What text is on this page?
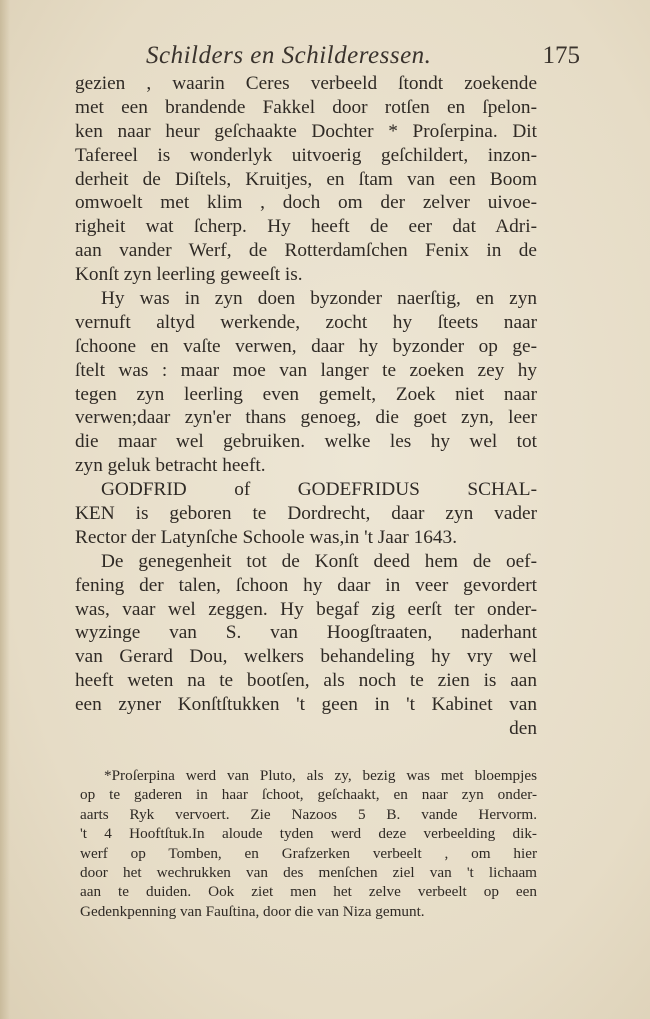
Schilders en Schilderessen.	175
gezien , waarin Ceres verbeeld ſtondt zoekende
met een brandende Fakkel door rotſen en ſpelon-
ken naar heur geſchaakte Dochter * Proſerpina. Dit
Tafereel is wonderlyk uitvoerig geſchildert, inzon-
derheit de Diſtels, Kruitjes, en ſtam van een Boom
omwoelt met klim , doch om der zelver uivoe-
righeit wat ſcherp. Hy heeft de eer dat Adri-
aan vander Werf, de Rotterdamſchen Fenix in de
Konſt zyn leerling geweeſt is.
Hy was in zyn doen byzonder naerſtig, en zyn
vernuft altyd werkende, zocht hy ſteets naar
ſchoone en vaſte verwen, daar hy byzonder op ge-
ſtelt was : maar moe van langer te zoeken zey hy
tegen zyn leerling even gemelt, Zoek niet naar
verwen;daar zyn'er thans genoeg, die goet zyn, leer
die maar wel gebruiken. welke les hy wel tot
zyn geluk betracht heeft.
GODFRID of GODEFRIDUS SCHAL-
KEN is geboren te Dordrecht, daar zyn vader
Rector der Latynſche Schoole was,in 't Jaar 1643.
De genegenheit tot de Konſt deed hem de oef-
fening der talen, ſchoon hy daar in veer gevordert
was, vaar wel zeggen. Hy begaf zig eerſt ter onder-
wyzinge van S. van Hoogſtraaten, naderhant
van Gerard Dou, welkers behandeling hy vry wel
heeft weten na te bootſen, als noch te zien is aan
een zyner Konſtſtukken 't geen in 't Kabinet van
den
*Proſerpina werd van Pluto, als zy, bezig was met bloempjes
op te gaderen in haar ſchoot, geſchaakt, en naar zyn onder-
aarts Ryk vervoert. Zie Nazoos 5 B. vande Hervorm.
't 4 Hooftſtuk.In aloude tyden werd deze verbeelding dik-
werf op Tomben, en Grafzerken verbeelt , om hier
door het wechrukken van des menſchen ziel van 't lichaam
aan te duiden. Ook ziet men het zelve verbeelt op een
Gedenkpenning van Fauſtina, door die van Niza gemunt.
